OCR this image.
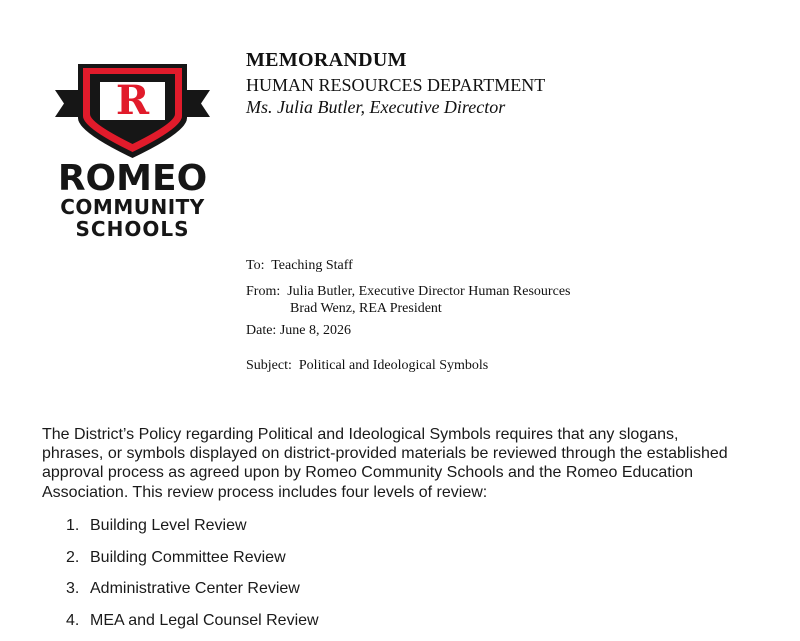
R
ROMEO
COMMUNITY
SCHOOLS
MEMORANDUM
HUMAN RESOURCES DEPARTMENT
Ms. Julia Butler, Executive Director
To: Teaching Staff
From: Julia Butler, Executive Director Human Resources
Brad Wenz, REA President
Date: June 8, 2026
Subject: Political and Ideological Symbols
The District’s Policy regarding Political and Ideological Symbols requires that any slogans, phrases, or symbols displayed on district-provided materials be reviewed through the established approval process as agreed upon by Romeo Community Schools and the Romeo Education Association. This review process includes four levels of review:
1. Building Level Review
2. Building Committee Review
3. Administrative Center Review
4. MEA and Legal Counsel Review
